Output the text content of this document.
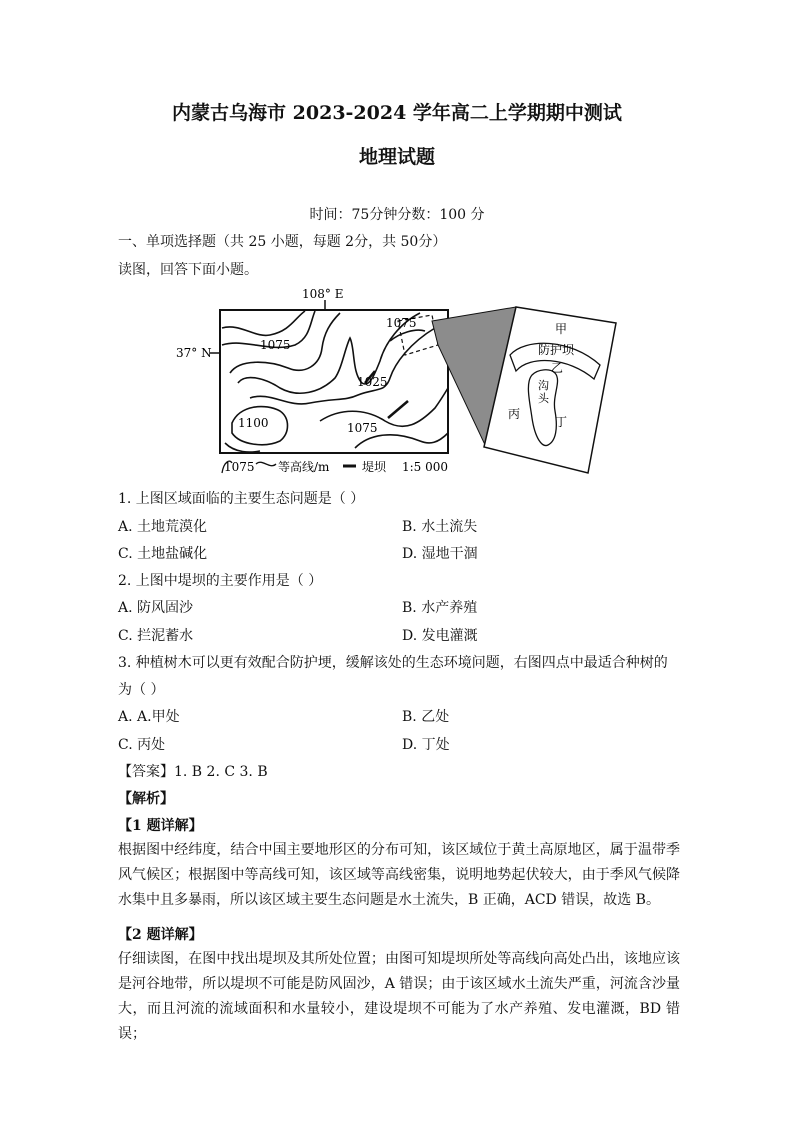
内蒙古乌海市 2023-2024 学年高二上学期期中测试
地理试题
时间：75分钟分数：100 分
一、单项选择题（共 25 小题，每题 2分，共 50分）
读图，回答下面小题。
108° E
37° N
1075
1075
1025
1100	1075
1075 等高线/m	堤坝 1:5 000
甲
防护坝
乙
沟
头
丙
丁
1. 上图区域面临的主要生态问题是（ ）
A. 土地荒漠化	B. 水土流失
C. 土地盐碱化	D. 湿地干涸
2. 上图中堤坝的主要作用是（ ）
A. 防风固沙	B. 水产养殖
C. 拦泥蓄水	D. 发电灌溉
3. 种植树木可以更有效配合防护埂，缓解该处的生态环境问题，右图四点中最适合种树的
为（ ）
A. A.甲处	B. 乙处
C. 丙处	D. 丁处
【答案】1. B 2. C 3. B
【解析】
【1 题详解】
根据图中经纬度，结合中国主要地形区的分布可知，该区域位于黄土高原地区，属于温带季风气候区；根据图中等高线可知，该区域等高线密集，说明地势起伏较大，由于季风气候降水集中且多暴雨，所以该区域主要生态问题是水土流失，B 正确，ACD 错误，故选 B。
【2 题详解】
仔细读图，在图中找出堤坝及其所处位置；由图可知堤坝所处等高线向高处凸出，该地应该是河谷地带，所以堤坝不可能是防风固沙，A 错误；由于该区域水土流失严重，河流含沙量大，而且河流的流域面积和水量较小，建设堤坝不可能为了水产养殖、发电灌溉，BD 错误；
